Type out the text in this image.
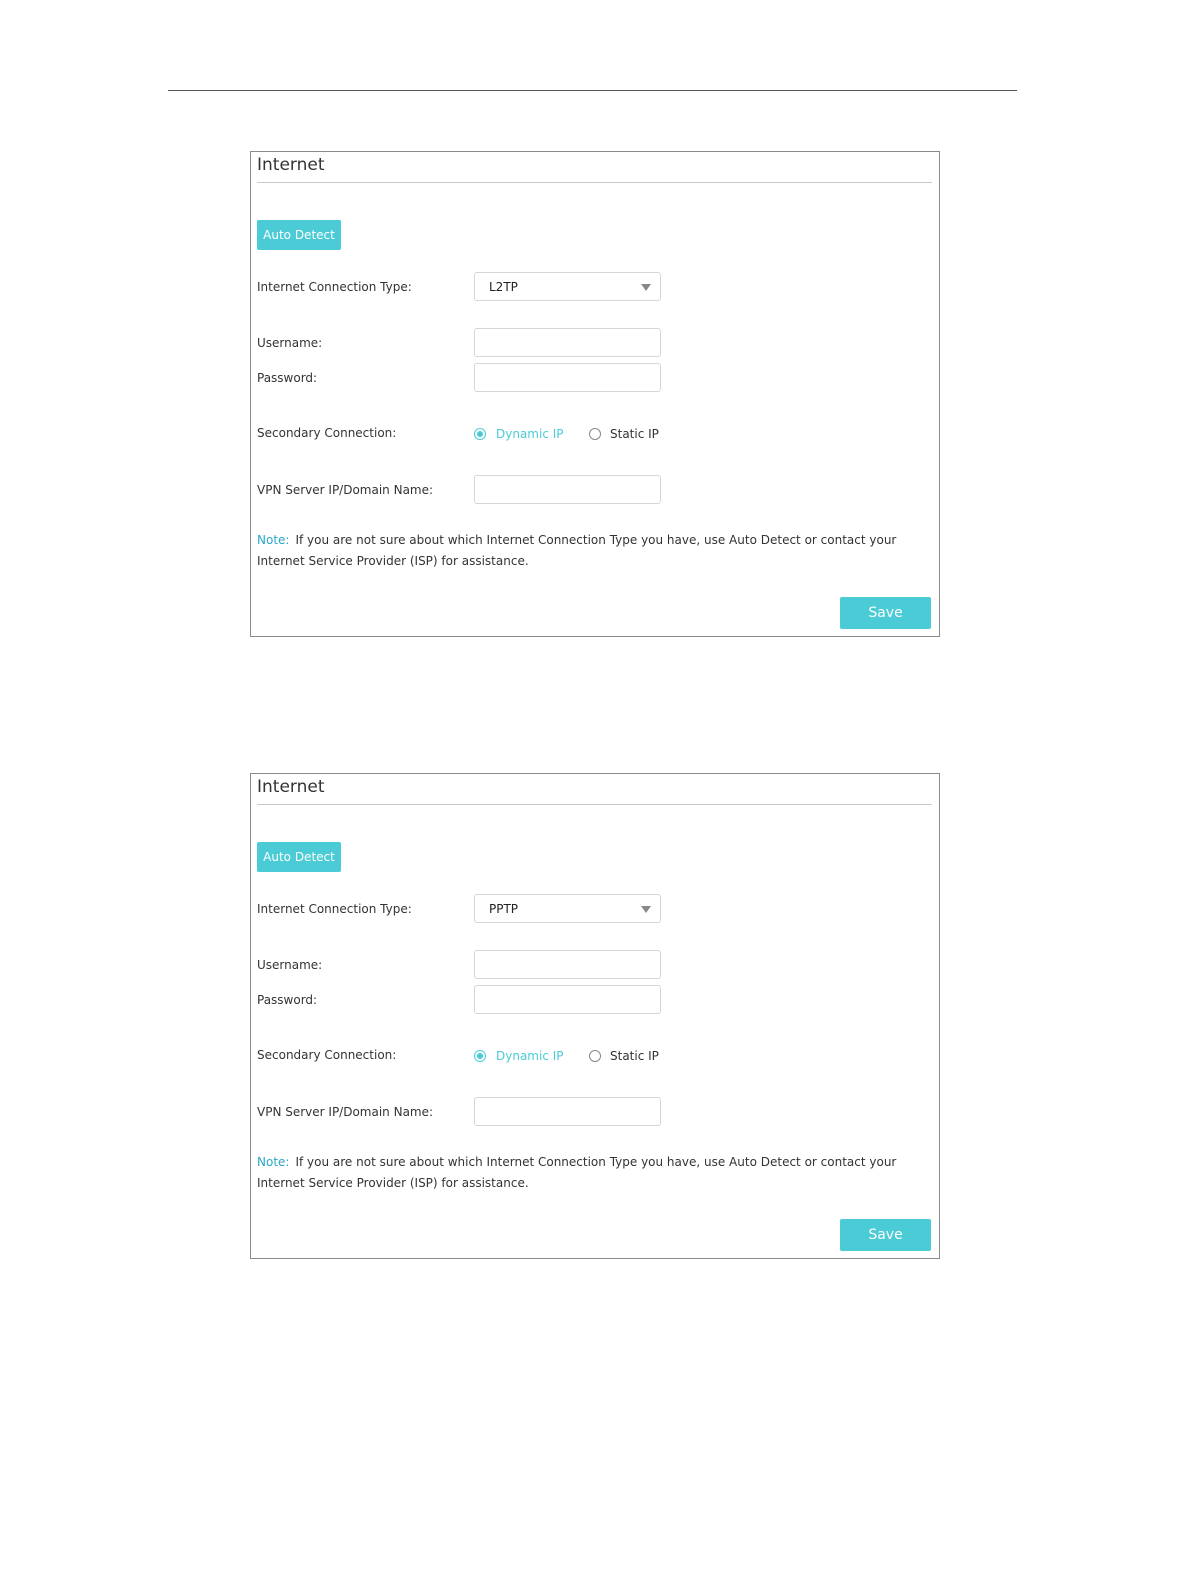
Internet
Auto Detect
Internet Connection Type:	L2TP
Username:
Password:
Secondary Connection:	Dynamic IP	Static IP
VPN Server IP/Domain Name:
Note: If you are not sure about which Internet Connection Type you have, use Auto Detect or contact your Internet Service Provider (ISP) for assistance.
Save
Internet
Auto Detect
Internet Connection Type:	PPTP
Username:
Password:
Secondary Connection:	Dynamic IP	Static IP
VPN Server IP/Domain Name:
Note: If you are not sure about which Internet Connection Type you have, use Auto Detect or contact your Internet Service Provider (ISP) for assistance.
Save
